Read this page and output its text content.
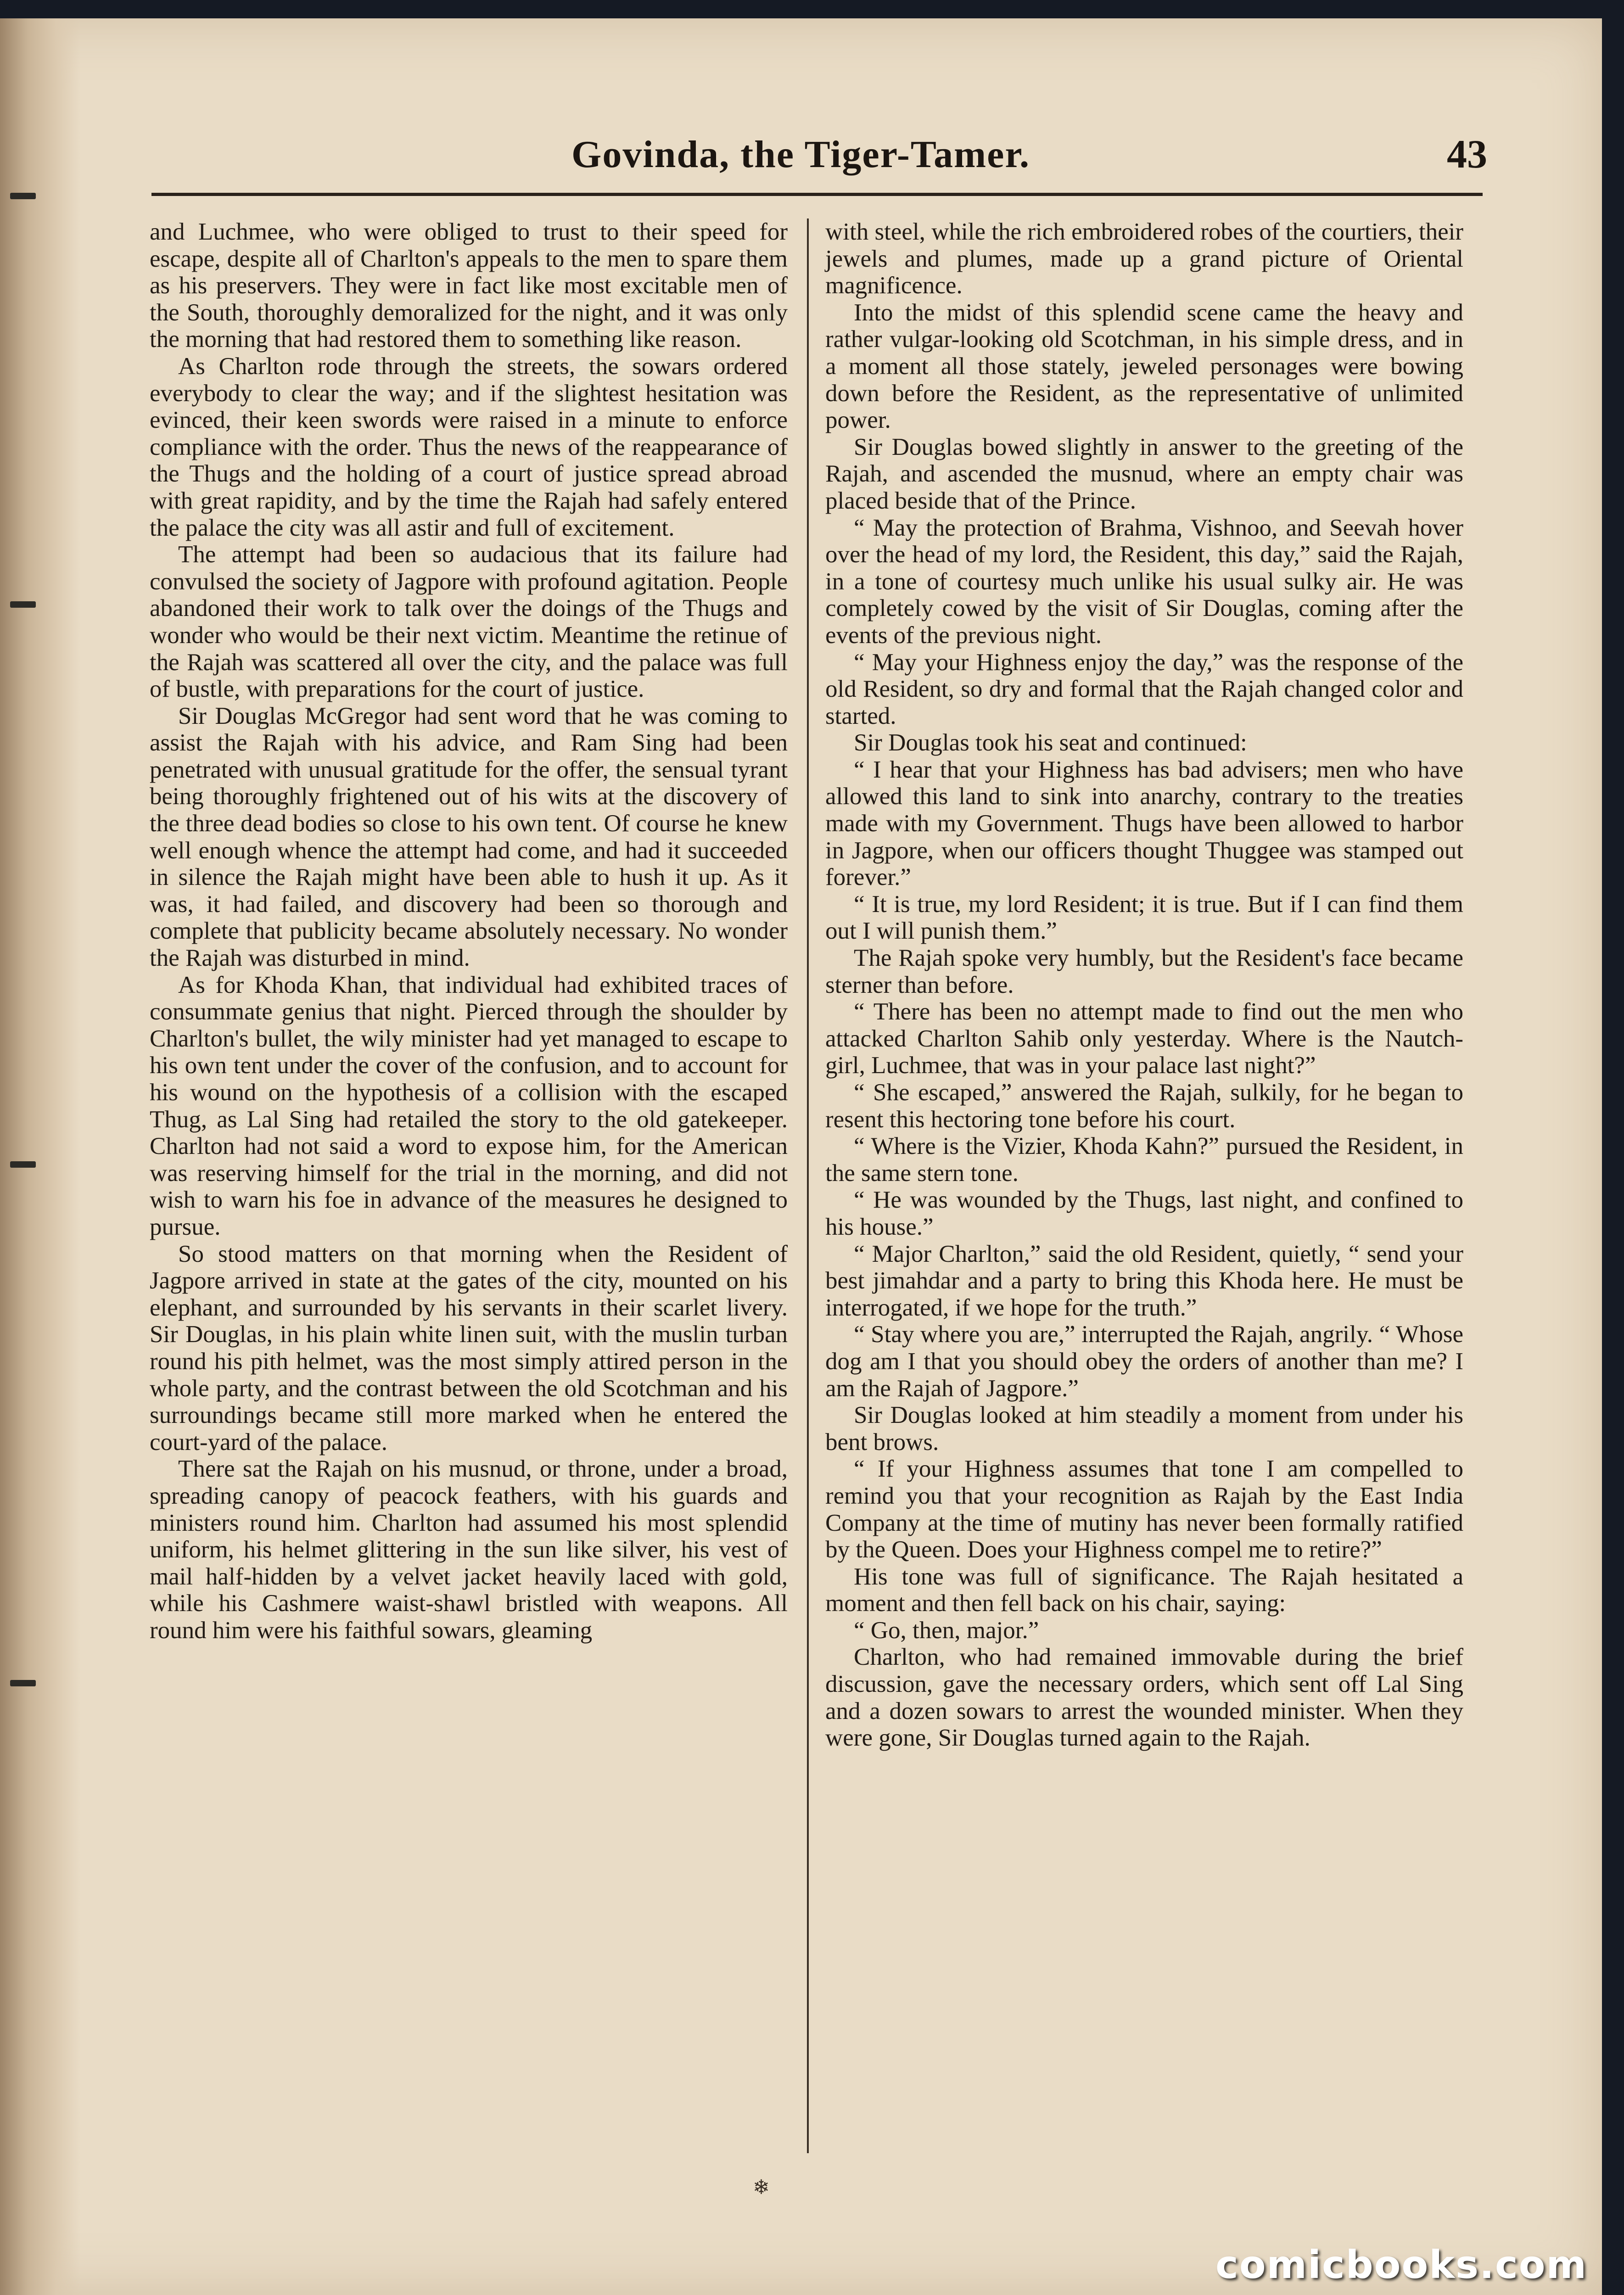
Govinda, the Tiger-Tamer.	43

and Luchmee, who were obliged to trust to their speed for escape, despite all of Charlton's appeals to the men to spare them as his preservers. They were in fact like most excitable men of the South, thoroughly demoralized for the night, and it was only the morning that had restored them to something like reason.

As Charlton rode through the streets, the sowars ordered everybody to clear the way; and if the slightest hesitation was evinced, their keen swords were raised in a minute to enforce compliance with the order. Thus the news of the reappearance of the Thugs and the holding of a court of justice spread abroad with great rapidity, and by the time the Rajah had safely entered the palace the city was all astir and full of excitement.

The attempt had been so audacious that its failure had convulsed the society of Jagpore with profound agitation. People abandoned their work to talk over the doings of the Thugs and wonder who would be their next victim. Meantime the retinue of the Rajah was scattered all over the city, and the palace was full of bustle, with preparations for the court of justice.

Sir Douglas McGregor had sent word that he was coming to assist the Rajah with his advice, and Ram Sing had been penetrated with unusual gratitude for the offer, the sensual tyrant being thoroughly frightened out of his wits at the discovery of the three dead bodies so close to his own tent. Of course he knew well enough whence the attempt had come, and had it succeeded in silence the Rajah might have been able to hush it up. As it was, it had failed, and discovery had been so thorough and complete that publicity became absolutely necessary. No wonder the Rajah was disturbed in mind.

As for Khoda Khan, that individual had exhibited traces of consummate genius that night. Pierced through the shoulder by Charlton's bullet, the wily minister had yet managed to escape to his own tent under the cover of the confusion, and to account for his wound on the hypothesis of a collision with the escaped Thug, as Lal Sing had retailed the story to the old gatekeeper. Charlton had not said a word to expose him, for the American was reserving himself for the trial in the morning, and did not wish to warn his foe in advance of the measures he designed to pursue.

So stood matters on that morning when the Resident of Jagpore arrived in state at the gates of the city, mounted on his elephant, and surrounded by his servants in their scarlet livery. Sir Douglas, in his plain white linen suit, with the muslin turban round his pith helmet, was the most simply attired person in the whole party, and the contrast between the old Scotchman and his surroundings became still more marked when he entered the court-yard of the palace.

There sat the Rajah on his musnud, or throne, under a broad, spreading canopy of peacock feathers, with his guards and ministers round him. Charlton had assumed his most splendid uniform, his helmet glittering in the sun like silver, his vest of mail half-hidden by a velvet jacket heavily laced with gold, while his Cashmere waist-shawl bristled with weapons. All round him were his faithful sowars, gleaming

with steel, while the rich embroidered robes of the courtiers, their jewels and plumes, made up a grand picture of Oriental magnificence.

Into the midst of this splendid scene came the heavy and rather vulgar-looking old Scotchman, in his simple dress, and in a moment all those stately, jeweled personages were bowing down before the Resident, as the representative of unlimited power.

Sir Douglas bowed slightly in answer to the greeting of the Rajah, and ascended the musnud, where an empty chair was placed beside that of the Prince.

“ May the protection of Brahma, Vishnoo, and Seevah hover over the head of my lord, the Resident, this day,” said the Rajah, in a tone of courtesy much unlike his usual sulky air. He was completely cowed by the visit of Sir Douglas, coming after the events of the previous night.

“ May your Highness enjoy the day,” was the response of the old Resident, so dry and formal that the Rajah changed color and started.

Sir Douglas took his seat and continued:

“ I hear that your Highness has bad advisers; men who have allowed this land to sink into anarchy, contrary to the treaties made with my Government. Thugs have been allowed to harbor in Jagpore, when our officers thought Thuggee was stamped out forever.”

“ It is true, my lord Resident; it is true. But if I can find them out I will punish them.”

The Rajah spoke very humbly, but the Resident's face became sterner than before.

“ There has been no attempt made to find out the men who attacked Charlton Sahib only yesterday. Where is the Nautch-girl, Luchmee, that was in your palace last night?”

“ She escaped,” answered the Rajah, sulkily, for he began to resent this hectoring tone before his court.

“ Where is the Vizier, Khoda Kahn?” pursued the Resident, in the same stern tone.

“ He was wounded by the Thugs, last night, and confined to his house.”

“ Major Charlton,” said the old Resident, quietly, “ send your best jimahdar and a party to bring this Khoda here. He must be interrogated, if we hope for the truth.”

“ Stay where you are,” interrupted the Rajah, angrily. “ Whose dog am I that you should obey the orders of another than me? I am the Rajah of Jagpore.”

Sir Douglas looked at him steadily a moment from under his bent brows.

“ If your Highness assumes that tone I am compelled to remind you that your recognition as Rajah by the East India Company at the time of mutiny has never been formally ratified by the Queen. Does your Highness compel me to retire?”

His tone was full of significance. The Rajah hesitated a moment and then fell back on his chair, saying:

“ Go, then, major.”

Charlton, who had remained immovable during the brief discussion, gave the necessary orders, which sent off Lal Sing and a dozen sowars to arrest the wounded minister. When they were gone, Sir Douglas turned again to the Rajah.

❄
comicbooks.com
